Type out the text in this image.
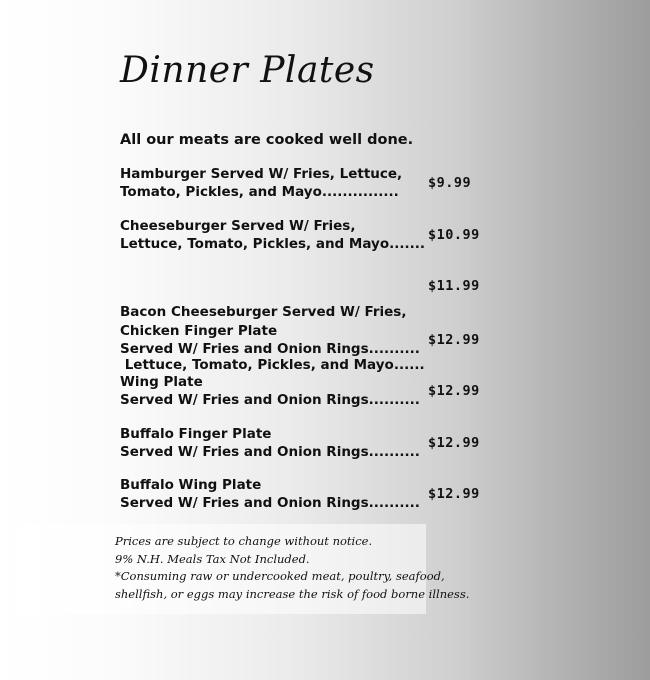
Dinner Plates
All our meats are cooked well done.
Hamburger Served W/ Fries, Lettuce,
Tomato, Pickles, and Mayo...............
$9.99
Cheeseburger Served W/ Fries,
Lettuce, Tomato, Pickles, and Mayo.......
$10.99

Bacon Cheeseburger Served W/ Fries,

Lettuce, Tomato, Pickles, and Mayo......

$11.99
Chicken Finger Plate
Served W/ Fries and Onion Rings..........
$12.99
Wing Plate
Served W/ Fries and Onion Rings..........
$12.99
Buffalo Finger Plate
Served W/ Fries and Onion Rings..........
$12.99
Buffalo Wing Plate
Served W/ Fries and Onion Rings..........
$12.99
Prices are subject to change without notice.
9% N.H. Meals Tax Not Included.
*Consuming raw or undercooked meat, poultry, seafood,
shellfish, or eggs may increase the risk of food borne illness.
